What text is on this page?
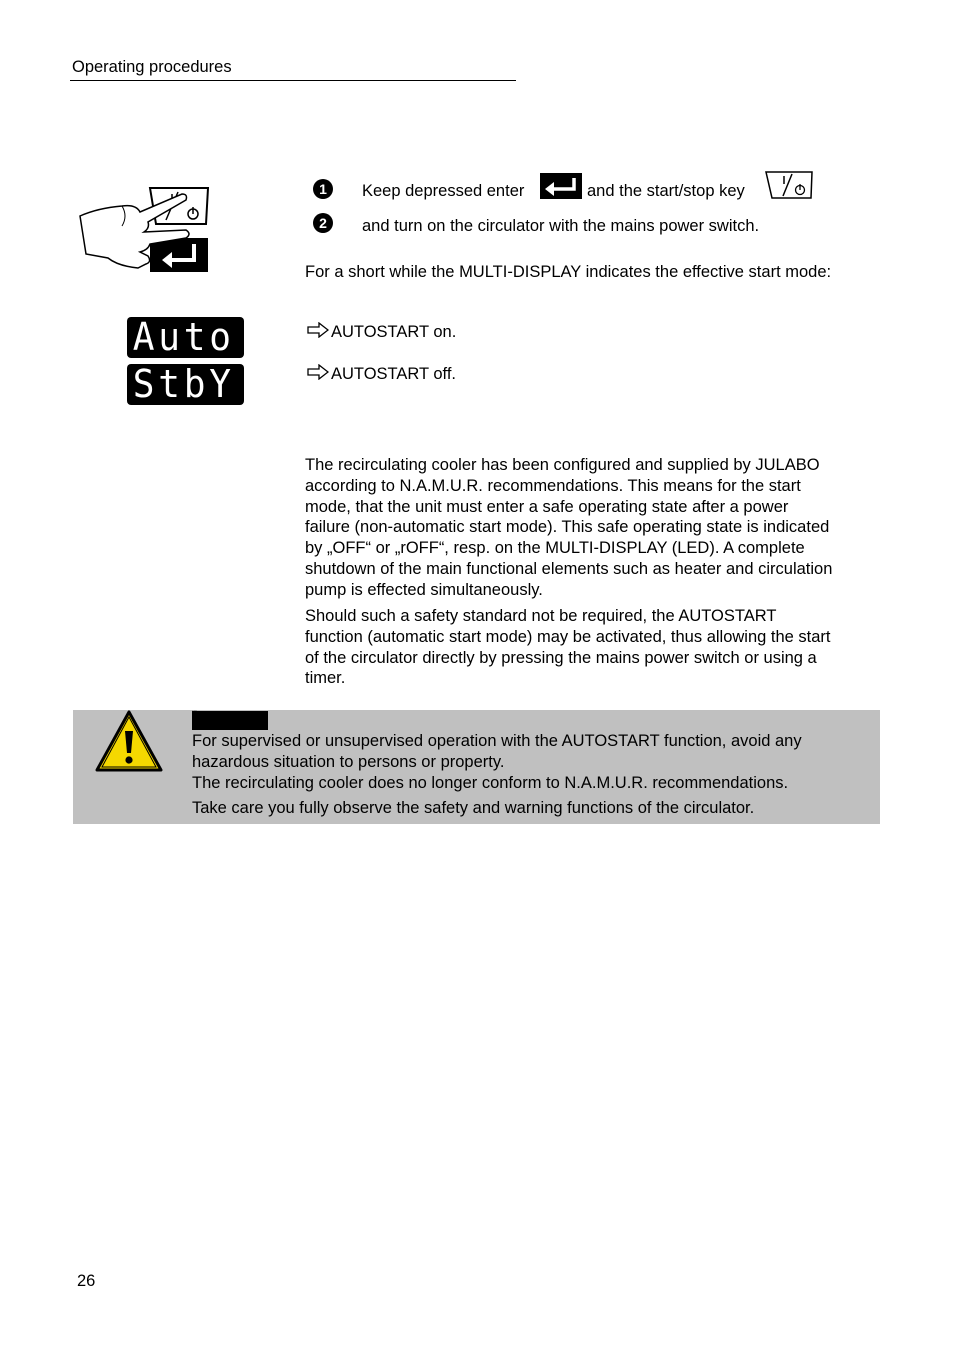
Operating procedures
1	Keep depressed enter	and the start/stop key
2	and turn on the circulator with the mains power switch.
For a short while the MULTI-DISPLAY indicates the effective start mode:
Auto
StbY
AUTOSTART on.
AUTOSTART off.
The recirculating cooler has been configured and supplied by JULABO
according to N.A.M.U.R. recommendations. This means for the start
mode, that the unit must enter a safe operating state after a power
failure (non-automatic start mode). This safe operating state is indicated
by „OFF“ or „rOFF“, resp. on the MULTI-DISPLAY (LED). A complete
shutdown of the main functional elements such as heater and circulation
pump is effected simultaneously.
Should such a safety standard not be required, the AUTOSTART
function (automatic start mode) may be activated, thus allowing the start
of the circulator directly by pressing the mains power switch or using a
timer.
WARNING
For supervised or unsupervised operation with the AUTOSTART function, avoid any
hazardous situation to persons or property.
The recirculating cooler does no longer conform to N.A.M.U.R. recommendations.
Take care you fully observe the safety and warning functions of the circulator.
26
